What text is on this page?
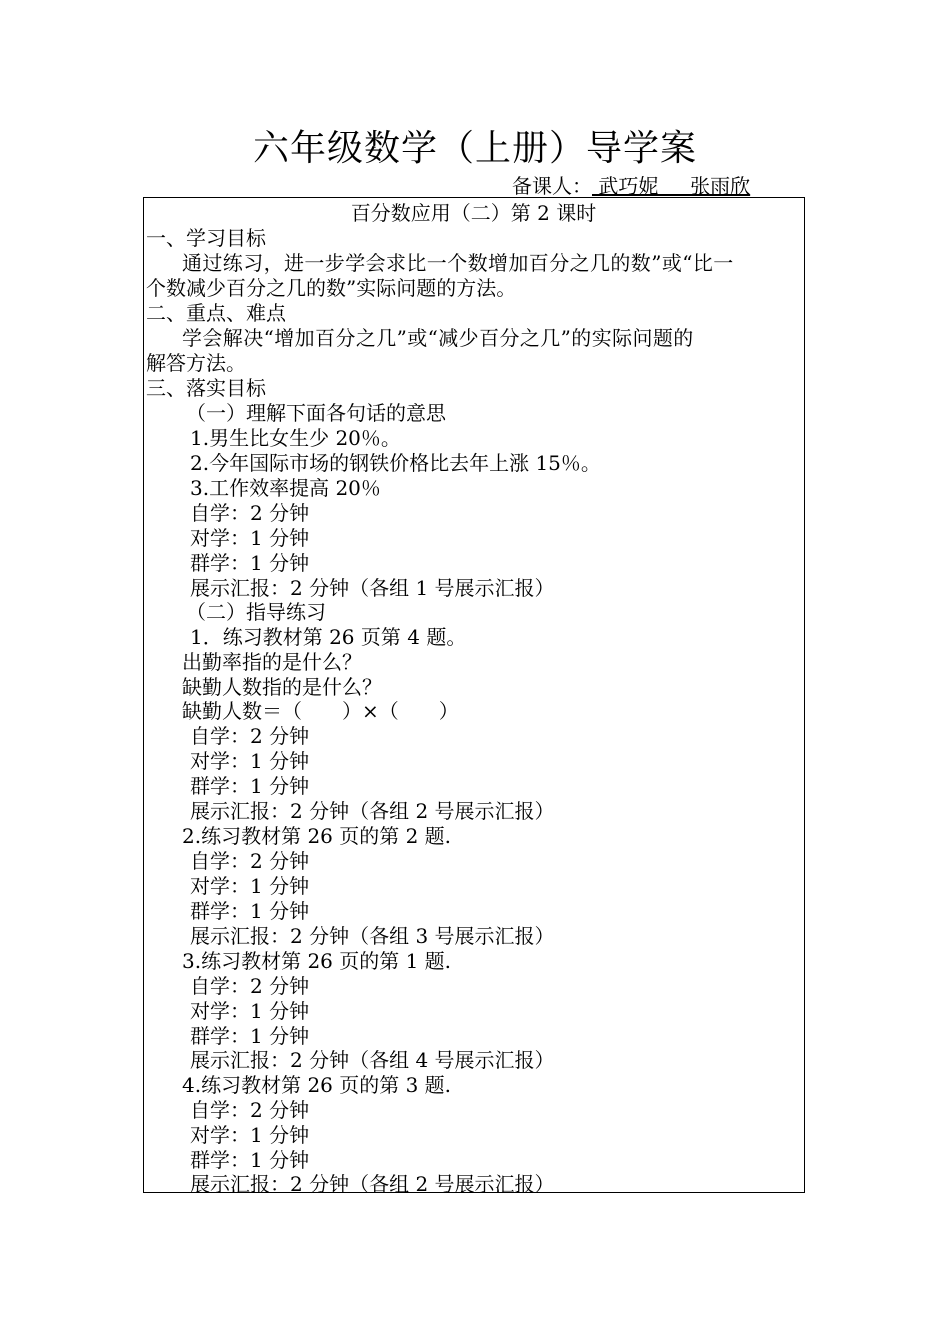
六年级数学（上册）导学案
备课人： 武巧妮     张雨欣
百分数应用（二）第 2 课时
一、学习目标
通过练习，进一步学会求比一个数增加百分之几的数”或“比一
个数减少百分之几的数”实际问题的方法。
二、重点、难点
学会解决“增加百分之几”或“减少百分之几”的实际问题的
解答方法。
三、落实目标
（一）理解下面各句话的意思
1.男生比女生少 20％。
2.今年国际市场的钢铁价格比去年上涨 15％。
3.工作效率提高 20％
自学：2 分钟
对学：1 分钟
群学：1 分钟
展示汇报：2 分钟（各组 1 号展示汇报）
（二）指导练习
1．练习教材第 26 页第 4 题。
出勤率指的是什么？
缺勤人数指的是什么？
缺勤人数＝（　　）×（　　）
自学：2 分钟
对学：1 分钟
群学：1 分钟
展示汇报：2 分钟（各组 2 号展示汇报）
2.练习教材第 26 页的第 2 题.
自学：2 分钟
对学：1 分钟
群学：1 分钟
展示汇报：2 分钟（各组 3 号展示汇报）
3.练习教材第 26 页的第 1 题.
自学：2 分钟
对学：1 分钟
群学：1 分钟
展示汇报：2 分钟（各组 4 号展示汇报）
4.练习教材第 26 页的第 3 题.
自学：2 分钟
对学：1 分钟
群学：1 分钟
展示汇报：2 分钟（各组 2 号展示汇报）
